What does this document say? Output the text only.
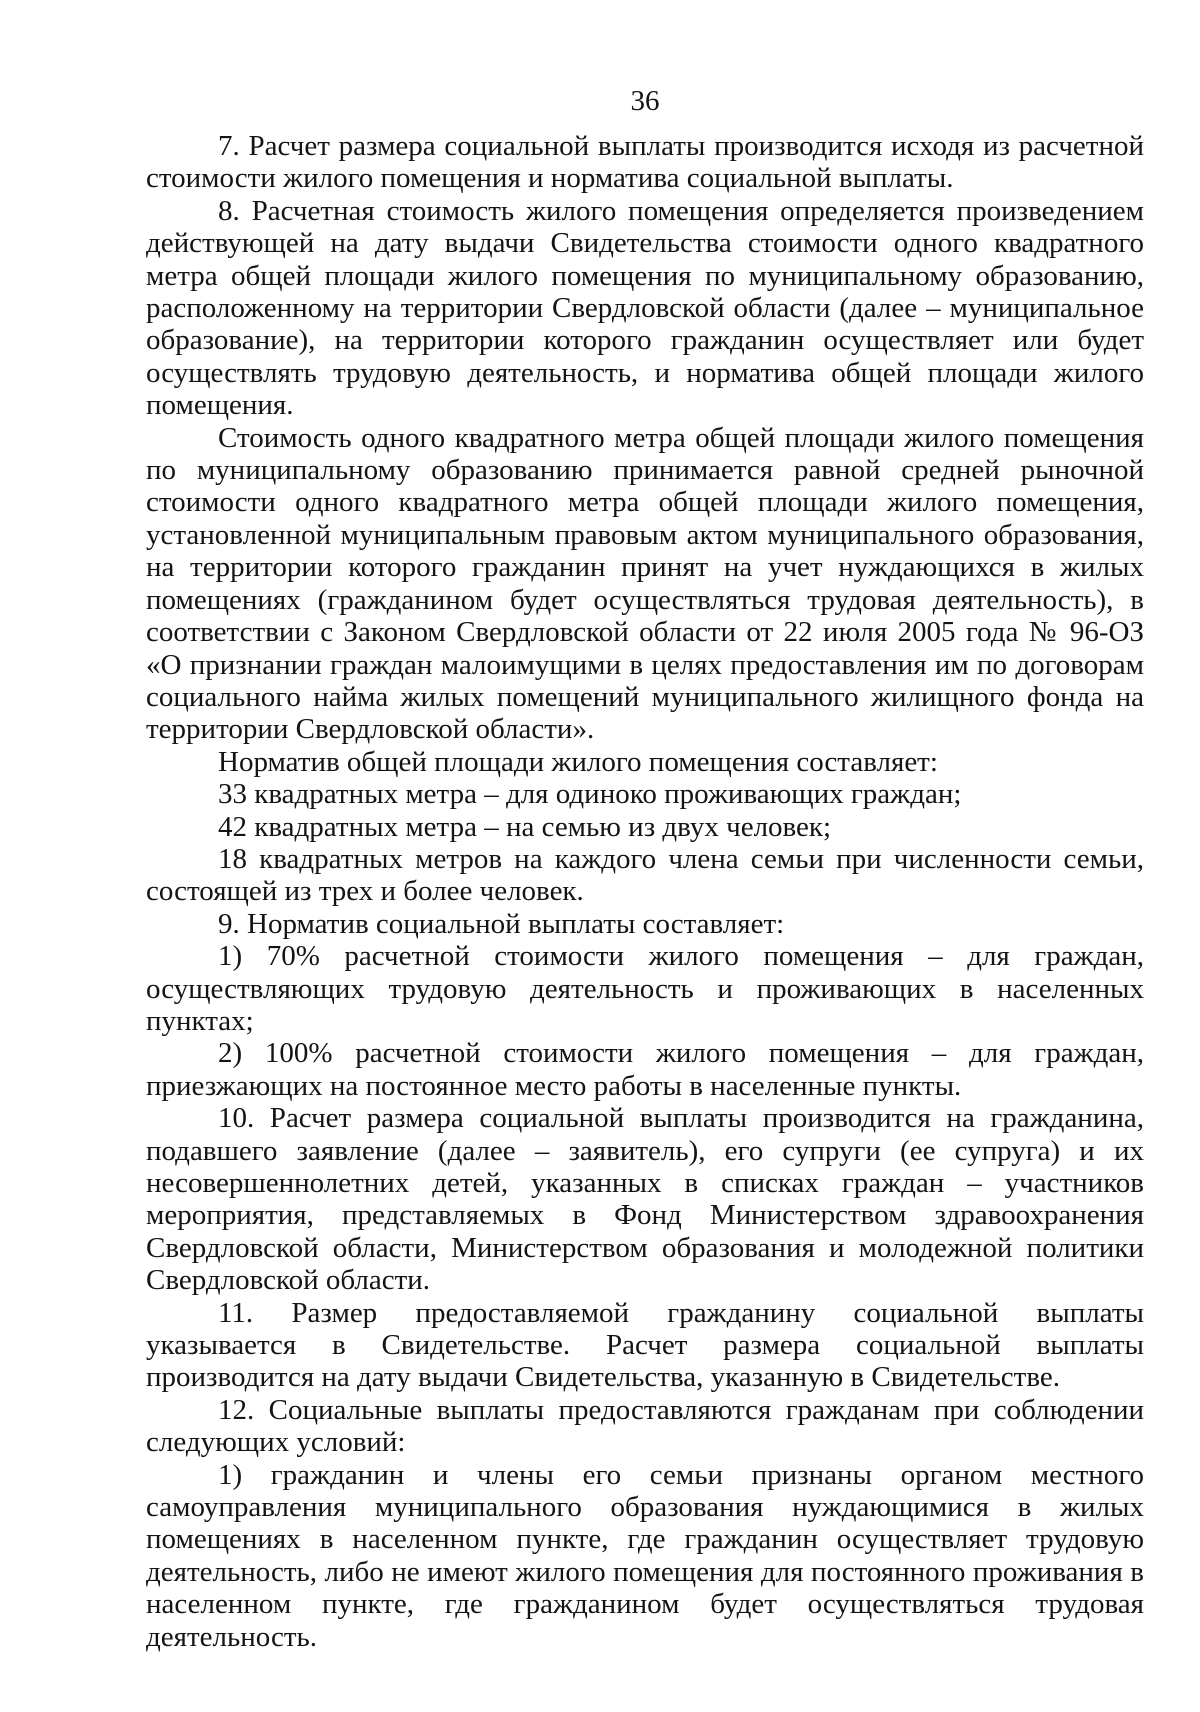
36

7. Расчет размера социальной выплаты производится исходя из расчетной стоимости жилого помещения и норматива социальной выплаты.

8. Расчетная стоимость жилого помещения определяется произведением действующей на дату выдачи Свидетельства стоимости одного квадратного метра общей площади жилого помещения по муниципальному образованию, расположенному на территории Свердловской области (далее – муниципальное образование), на территории которого гражданин осуществляет или будет осуществлять трудовую деятельность, и норматива общей площади жилого помещения.

Стоимость одного квадратного метра общей площади жилого помещения по муниципальному образованию принимается равной средней рыночной стоимости одного квадратного метра общей площади жилого помещения, установленной муниципальным правовым актом муниципального образования, на территории которого гражданин принят на учет нуждающихся в жилых помещениях (гражданином будет осуществляться трудовая деятельность), в соответствии с Законом Свердловской области от 22 июля 2005 года № 96-ОЗ «О признании граждан малоимущими в целях предоставления им по договорам социального найма жилых помещений муниципального жилищного фонда на территории Свердловской области».

Норматив общей площади жилого помещения составляет:

33 квадратных метра – для одиноко проживающих граждан;

42 квадратных метра – на семью из двух человек;

18 квадратных метров на каждого члена семьи при численности семьи, состоящей из трех и более человек.

9. Норматив социальной выплаты составляет:

1) 70% расчетной стоимости жилого помещения – для граждан, осуществляющих трудовую деятельность и проживающих в населенных пунктах;

2) 100% расчетной стоимости жилого помещения – для граждан, приезжающих на постоянное место работы в населенные пункты.

10. Расчет размера социальной выплаты производится на гражданина, подавшего заявление (далее – заявитель), его супруги (ее супруга) и их несовершеннолетних детей, указанных в списках граждан – участников мероприятия, представляемых в Фонд Министерством здравоохранения Свердловской области, Министерством образования и молодежной политики Свердловской области.

11. Размер предоставляемой гражданину социальной выплаты указывается в Свидетельстве. Расчет размера социальной выплаты производится на дату выдачи Свидетельства, указанную в Свидетельстве.

12. Социальные выплаты предоставляются гражданам при соблюдении следующих условий:

1) гражданин и члены его семьи признаны органом местного самоуправления муниципального образования нуждающимися в жилых помещениях в населенном пункте, где гражданин осуществляет трудовую деятельность, либо не имеют жилого помещения для постоянного проживания в населенном пункте, где гражданином будет осуществляться трудовая деятельность.
